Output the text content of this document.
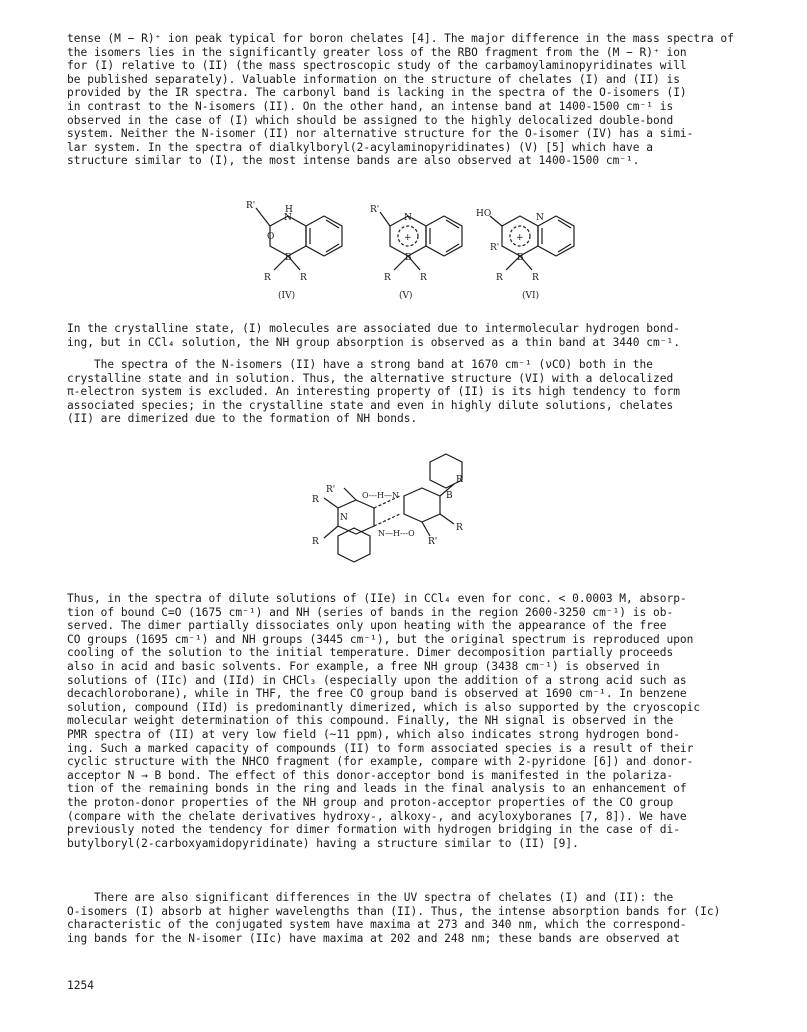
tense (M − R)⁺ ion peak typical for boron chelates [4]. The major difference in the mass spectra of
the isomers lies in the significantly greater loss of the RBO fragment from the (M − R)⁺ ion
for (I) relative to (II) (the mass spectroscopic study of the carbamoylaminopyridinates will
be published separately). Valuable information on the structure of chelates (I) and (II) is
provided by the IR spectra. The carbonyl band is lacking in the spectra of the O-isomers (I)
in contrast to the N-isomers (II). On the other hand, an intense band at 1400-1500 cm⁻¹ is
observed in the case of (I) which should be assigned to the highly delocalized double-bond
system. Neither the N-isomer (II) nor alternative structure for the O-isomer (IV) has a simi-
lar system. In the spectra of dialkylboryl(2-acylaminopyridinates) (V) [5] which have a
structure similar to (I), the most intense bands are also observed at 1400-1500 cm⁻¹.

R'	H
N
O
B
R	R
(IV)
R'
N
+
B
R	R
(V)
HO	N
+
R'
B
R	R
(VI)

In the crystalline state, (I) molecules are associated due to intermolecular hydrogen bond-
ing, but in CCl₄ solution, the NH group absorption is observed as a thin band at 3440 cm⁻¹.

The spectra of the N-isomers (II) have a strong band at 1670 cm⁻¹ (νCO) both in the
crystalline state and in solution. Thus, the alternative structure (VI) with a delocalized
π-electron system is excluded. An interesting property of (II) is its high tendency to form
associated species; in the crystalline state and even in highly dilute solutions, chelates
(II) are dimerized due to the formation of NH bonds.

R'
R
R
N
O---H—N
N—H---O
B
R
R
R'

Thus, in the spectra of dilute solutions of (IIe) in CCl₄ even for conc. < 0.0003 M, absorp-
tion of bound C=O (1675 cm⁻¹) and NH (series of bands in the region 2600-3250 cm⁻¹) is ob-
served. The dimer partially dissociates only upon heating with the appearance of the free
CO groups (1695 cm⁻¹) and NH groups (3445 cm⁻¹), but the original spectrum is reproduced upon
cooling of the solution to the initial temperature. Dimer decomposition partially proceeds
also in acid and basic solvents. For example, a free NH group (3438 cm⁻¹) is observed in
solutions of (IIc) and (IId) in CHCl₃ (especially upon the addition of a strong acid such as
decachloroborane), while in THF, the free CO group band is observed at 1690 cm⁻¹. In benzene
solution, compound (IId) is predominantly dimerized, which is also supported by the cryoscopic
molecular weight determination of this compound. Finally, the NH signal is observed in the
PMR spectra of (II) at very low field (~11 ppm), which also indicates strong hydrogen bond-
ing. Such a marked capacity of compounds (II) to form associated species is a result of their
cyclic structure with the NHCO fragment (for example, compare with 2-pyridone [6]) and donor-
acceptor N → B bond. The effect of this donor-acceptor bond is manifested in the polariza-
tion of the remaining bonds in the ring and leads in the final analysis to an enhancement of
the proton-donor properties of the NH group and proton-acceptor properties of the CO group
(compare with the chelate derivatives hydroxy-, alkoxy-, and acyloxyboranes [7, 8]). We have
previously noted the tendency for dimer formation with hydrogen bridging in the case of di-
butylboryl(2-carboxyamidopyridinate) having a structure similar to (II) [9].

There are also significant differences in the UV spectra of chelates (I) and (II): the
O-isomers (I) absorb at higher wavelengths than (II). Thus, the intense absorption bands for (Ic)
characteristic of the conjugated system have maxima at 273 and 340 nm, which the correspond-
ing bands for the N-isomer (IIc) have maxima at 202 and 248 nm; these bands are observed at

1254
